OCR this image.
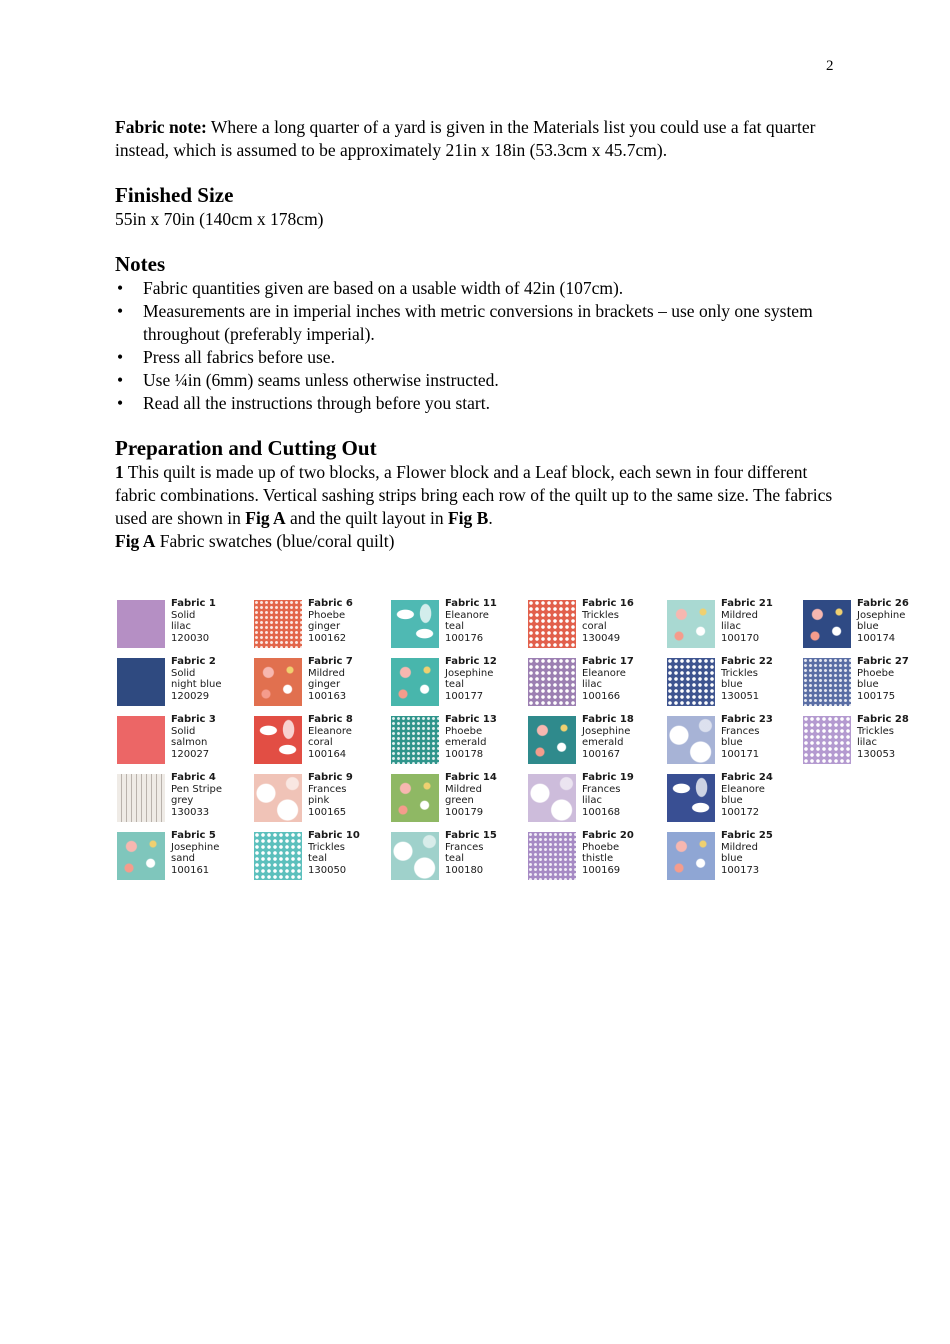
2

Fabric note: Where a long quarter of a yard is given in the Materials list you could use a fat quarter instead, which is assumed to be approximately 21in x 18in (53.3cm x 45.7cm).

Finished Size

55in x 70in (140cm x 178cm)

Notes
• Fabric quantities given are based on a usable width of 42in (107cm).
• Measurements are in imperial inches with metric conversions in brackets – use only one system throughout (preferably imperial).
• Press all fabrics before use.
• Use ¼in (6mm) seams unless otherwise instructed.
• Read all the instructions through before you start.
Preparation and Cutting Out

1 This quilt is made up of two blocks, a Flower block and a Leaf block, each sewn in four different fabric combinations. Vertical sashing strips bring each row of the quilt up to the same size. The fabrics used are shown in Fig A and the quilt layout in Fig B.

Fig A Fabric swatches (blue/coral quilt)

Fabric 1
Solid
lilac
120030
Fabric 2
Solid
night blue
120029
Fabric 3
Solid
salmon
120027
Fabric 4
Pen Stripe
grey
130033
Fabric 5
Josephine
sand
100161
Fabric 6
Phoebe
ginger
100162
Fabric 7
Mildred
ginger
100163
Fabric 8
Eleanore
coral
100164
Fabric 9
Frances
pink
100165
Fabric 10
Trickles
teal
130050
Fabric 11
Eleanore
teal
100176
Fabric 12
Josephine
teal
100177
Fabric 13
Phoebe
emerald
100178
Fabric 14
Mildred
green
100179
Fabric 15
Frances
teal
100180
Fabric 16
Trickles
coral
130049
Fabric 17
Eleanore
lilac
100166
Fabric 18
Josephine
emerald
100167
Fabric 19
Frances
lilac
100168
Fabric 20
Phoebe
thistle
100169
Fabric 21
Mildred
lilac
100170
Fabric 22
Trickles
blue
130051
Fabric 23
Frances
blue
100171
Fabric 24
Eleanore
blue
100172
Fabric 25
Mildred
blue
100173
Fabric 26
Josephine
blue
100174
Fabric 27
Phoebe
blue
100175
Fabric 28
Trickles
lilac
130053
